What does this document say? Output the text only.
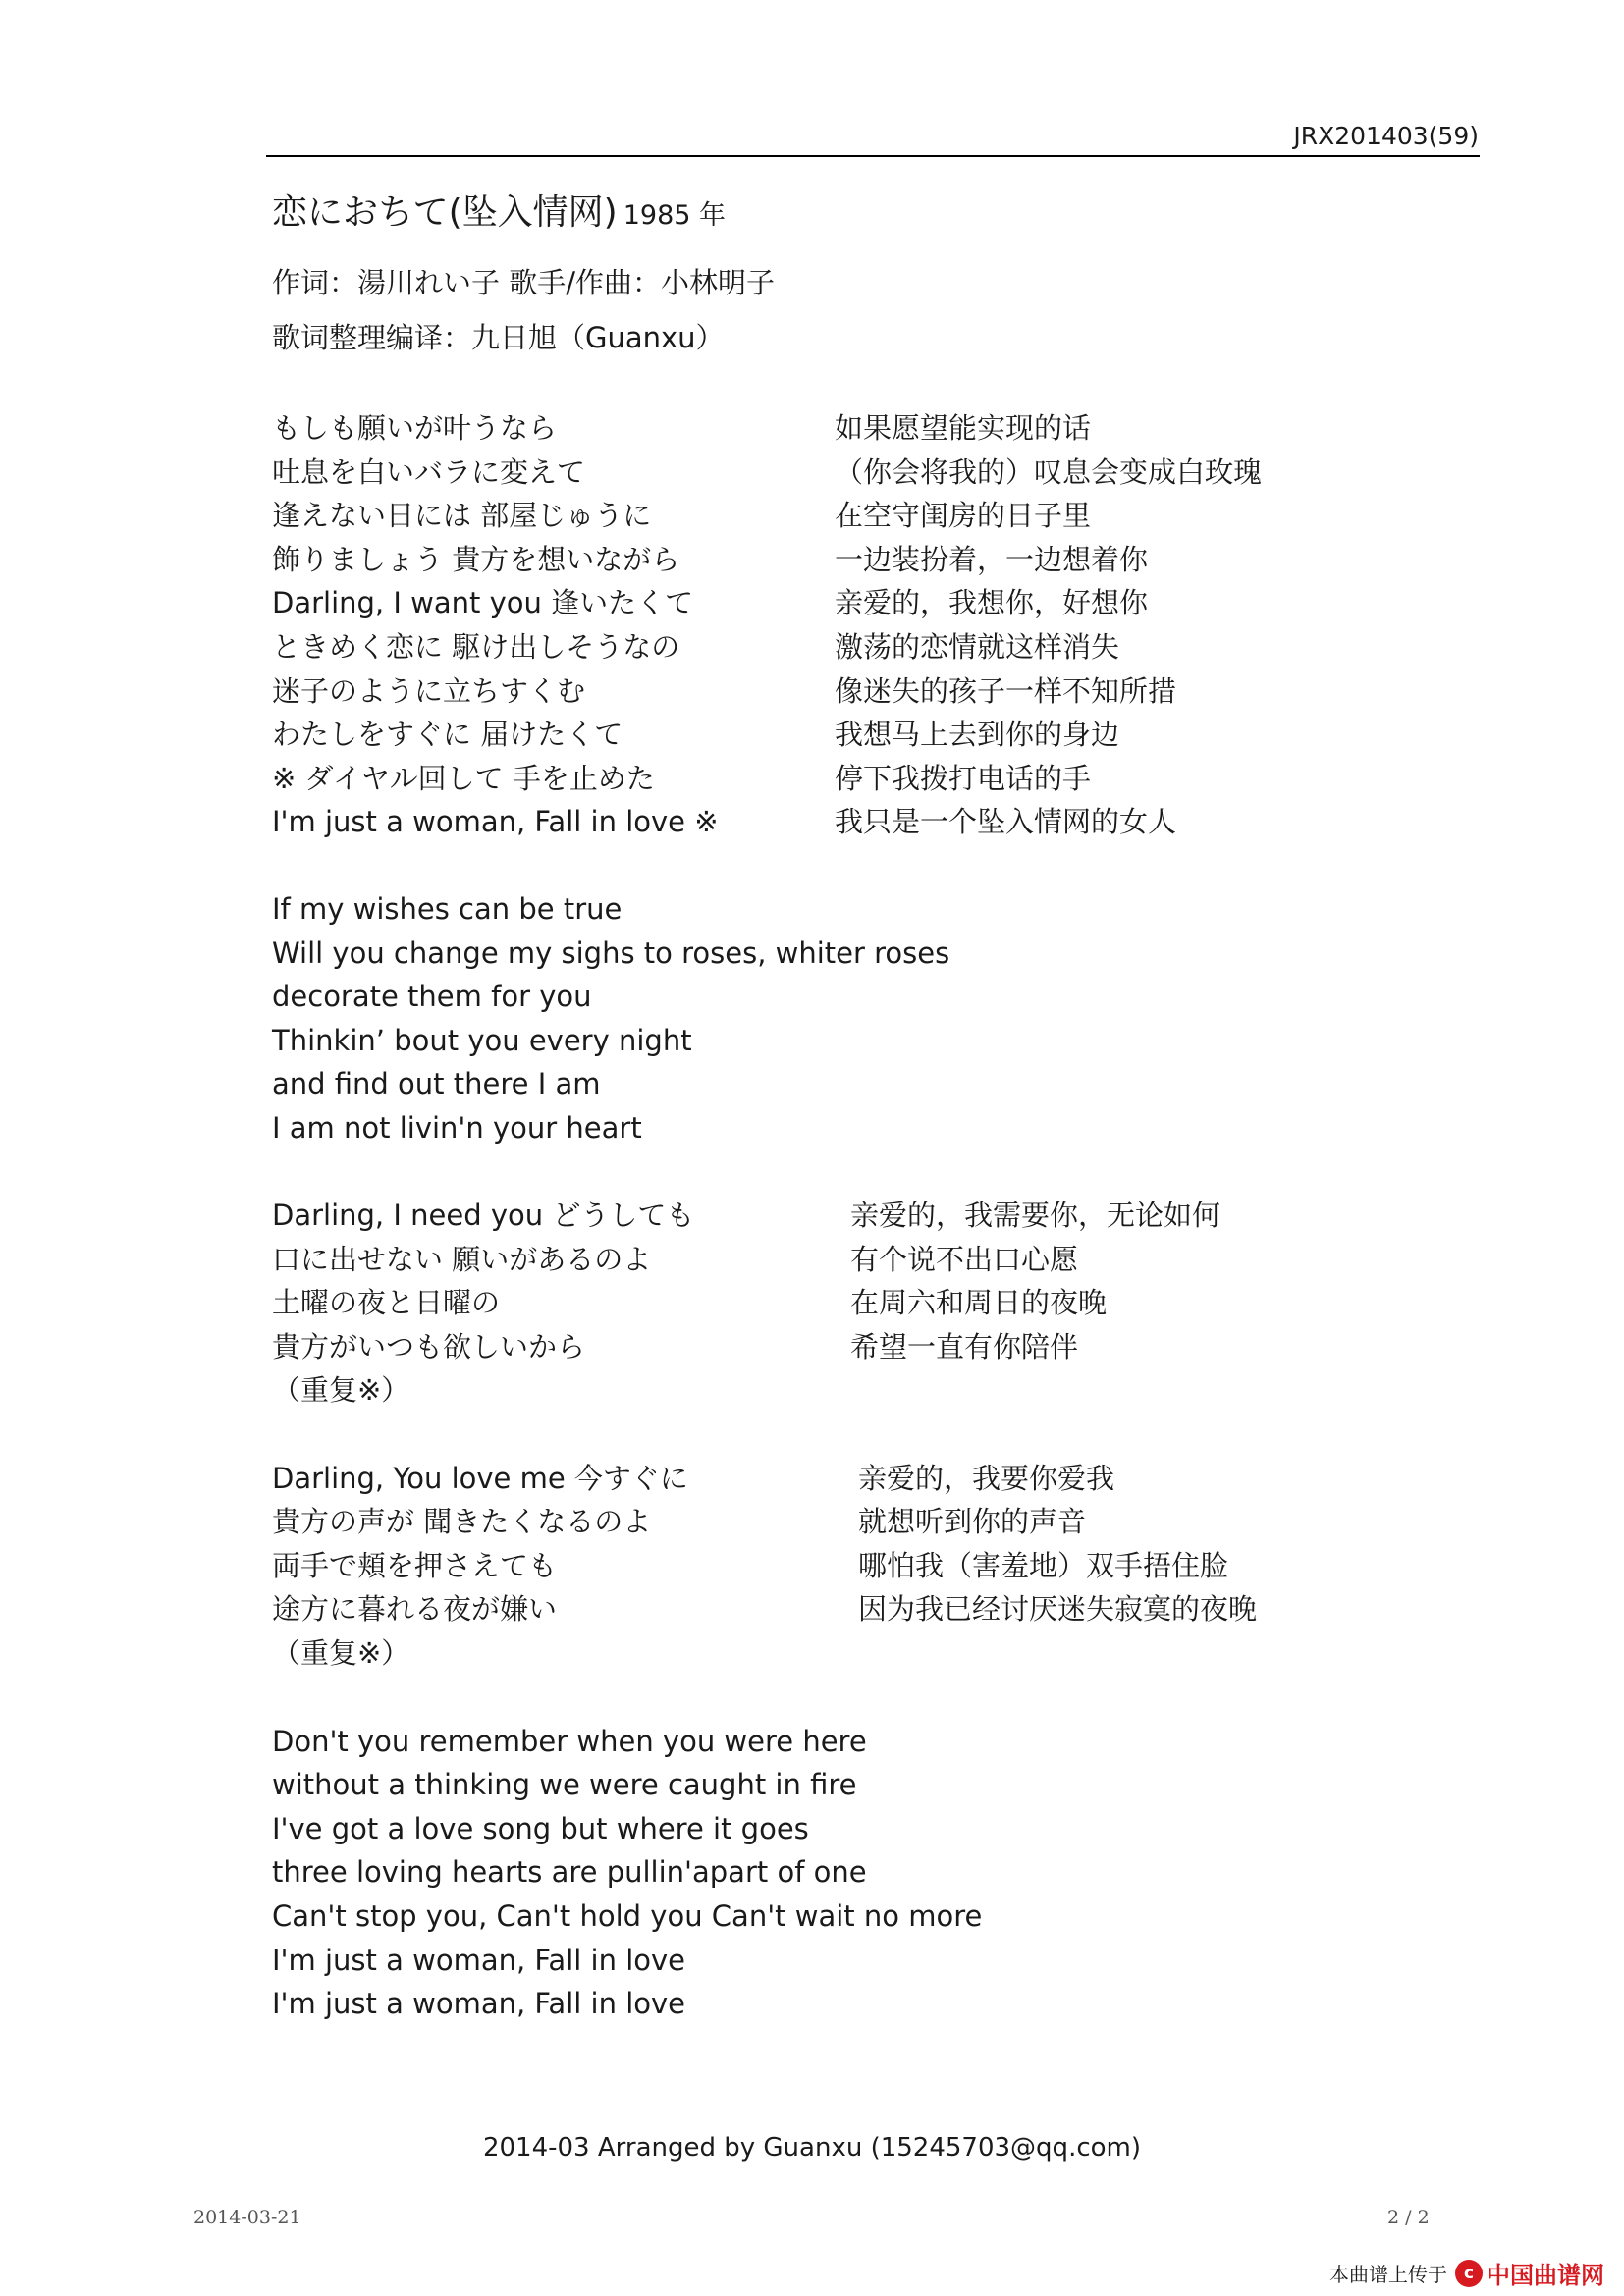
JRX201403(59)
恋におちて(坠入情网) 1985 年
作词：湯川れい子 歌手/作曲：小林明子
歌词整理编译：九日旭（Guanxu）
もしも願いが叶うなら
吐息を白いバラに変えて
逢えない日には 部屋じゅうに
飾りましょう 貴方を想いながら
Darling, I want you 逢いたくて
ときめく恋に 駆け出しそうなの
迷子のように立ちすくむ
わたしをすぐに 届けたくて
※ ダイヤル回して 手を止めた
I'm just a woman, Fall in love ※
如果愿望能实现的话
（你会将我的）叹息会变成白玫瑰
在空守闺房的日子里
一边装扮着，一边想着你
亲爱的，我想你，好想你
激荡的恋情就这样消失
像迷失的孩子一样不知所措
我想马上去到你的身边
停下我拨打电话的手
我只是一个坠入情网的女人
If my wishes can be true
Will you change my sighs to roses, whiter roses
decorate them for you
Thinkin’ bout you every night
and find out there I am
I am not livin'n your heart
Darling, I need you どうしても
口に出せない 願いがあるのよ
土曜の夜と日曜の
貴方がいつも欲しいから
（重复※）
亲爱的，我需要你，无论如何
有个说不出口心愿
在周六和周日的夜晚
希望一直有你陪伴
Darling, You love me 今すぐに
貴方の声が 聞きたくなるのよ
両手で頬を押さえても
途方に暮れる夜が嫌い
（重复※）
亲爱的，我要你爱我
就想听到你的声音
哪怕我（害羞地）双手捂住脸
因为我已经讨厌迷失寂寞的夜晚
Don't you remember when you were here
without a thinking we were caught in fire
I've got a love song but where it goes
three loving hearts are pullin'apart of one
Can't stop you, Can't hold you Can't wait no more
I'm just a woman, Fall in love
I'm just a woman, Fall in love
2014-03 Arranged by Guanxu (15245703@qq.com)
2014-03-21	2 / 2
本曲谱上传于 c 中国曲谱网
